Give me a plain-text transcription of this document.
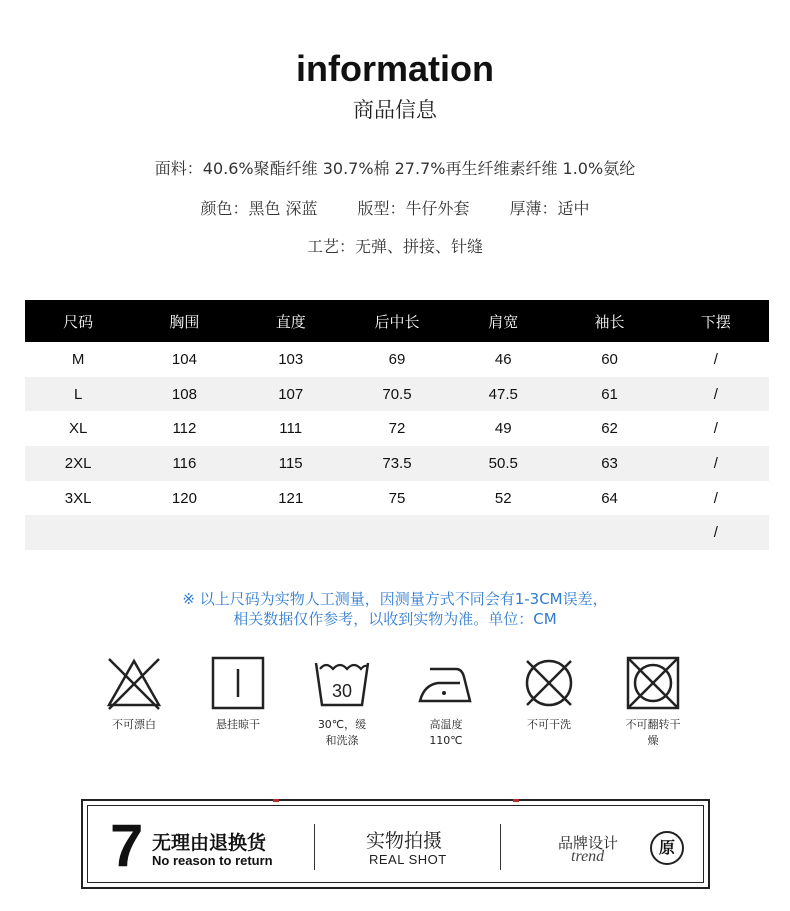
information
商品信息
面料：40.6%聚酯纤维 30.7%棉 27.7%再生纤维素纤维 1.0%氨纶
颜色：黑色 深蓝	版型：牛仔外套	厚薄：适中
工艺：无弹、拼接、针缝
尺码	胸围	直度	后中长	肩宽	袖长	下摆
M	104	103	69	46	60	/
L	108	107	70.5	47.5	61	/
XL	112	111	72	49	62	/
2XL	116	115	73.5	50.5	63	/
3XL	120	121	75	52	64	/
						/
※ 以上尺码为实物人工测量，因测量方式不同会有1-3CM误差，
相关数据仅作参考，以收到实物为准。单位：CM
不可漂白	悬挂晾干

30
30℃，缓
和洗涤
高温度
110℃
不可干洗	不可翻转干
燥
7 无理由退换货
No reason to return
实物拍摄
REAL SHOT
品牌设计
trend	原
